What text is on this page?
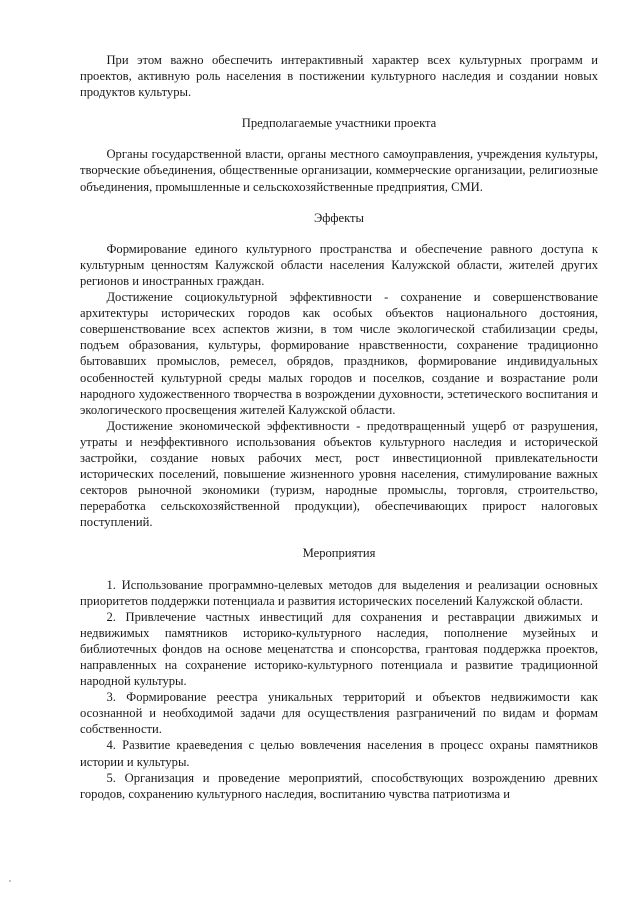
При этом важно обеспечить интерактивный характер всех культурных программ и проектов, активную роль населения в постижении культурного наследия и создании новых продуктов культуры.

Предполагаемые участники проекта

Органы государственной власти, органы местного самоуправления, учреждения культуры, творческие объединения, общественные организации, коммерческие организации, религиозные объединения, промышленные и сельскохозяйственные предприятия, СМИ.

Эффекты

Формирование единого культурного пространства и обеспечение равного доступа к культурным ценностям Калужской области населения Калужской области, жителей других регионов и иностранных граждан.

Достижение социокультурной эффективности - сохранение и совершенствование архитектуры исторических городов как особых объектов национального достояния, совершенствование всех аспектов жизни, в том числе экологической стабилизации среды, подъем образования, культуры, формирование нравственности, сохранение традиционно бытовавших промыслов, ремесел, обрядов, праздников, формирование индивидуальных особенностей культурной среды малых городов и поселков, создание и возрастание роли народного художественного творчества в возрождении духовности, эстетического воспитания и экологического просвещения жителей Калужской области.

Достижение экономической эффективности - предотвращенный ущерб от разрушения, утраты и неэффективного использования объектов культурного наследия и исторической застройки, создание новых рабочих мест, рост инвестиционной привлекательности исторических поселений, повышение жизненного уровня населения, стимулирование важных секторов рыночной экономики (туризм, народные промыслы, торговля, строительство, переработка сельскохозяйственной продукции), обеспечивающих прирост налоговых поступлений.

Мероприятия

1. Использование программно-целевых методов для выделения и реализации основных приоритетов поддержки потенциала и развития исторических поселений Калужской области.

2. Привлечение частных инвестиций для сохранения и реставрации движимых и недвижимых памятников историко-культурного наследия, пополнение музейных и библиотечных фондов на основе меценатства и спонсорства, грантовая поддержка проектов, направленных на сохранение историко-культурного потенциала и развитие традиционной народной культуры.

3. Формирование реестра уникальных территорий и объектов недвижимости как осознанной и необходимой задачи для осуществления разграничений по видам и формам собственности.

4. Развитие краеведения с целью вовлечения населения в процесс охраны памятников истории и культуры.

5. Организация и проведение мероприятий, способствующих возрождению древних городов, сохранению культурного наследия, воспитанию чувства патриотизма и
